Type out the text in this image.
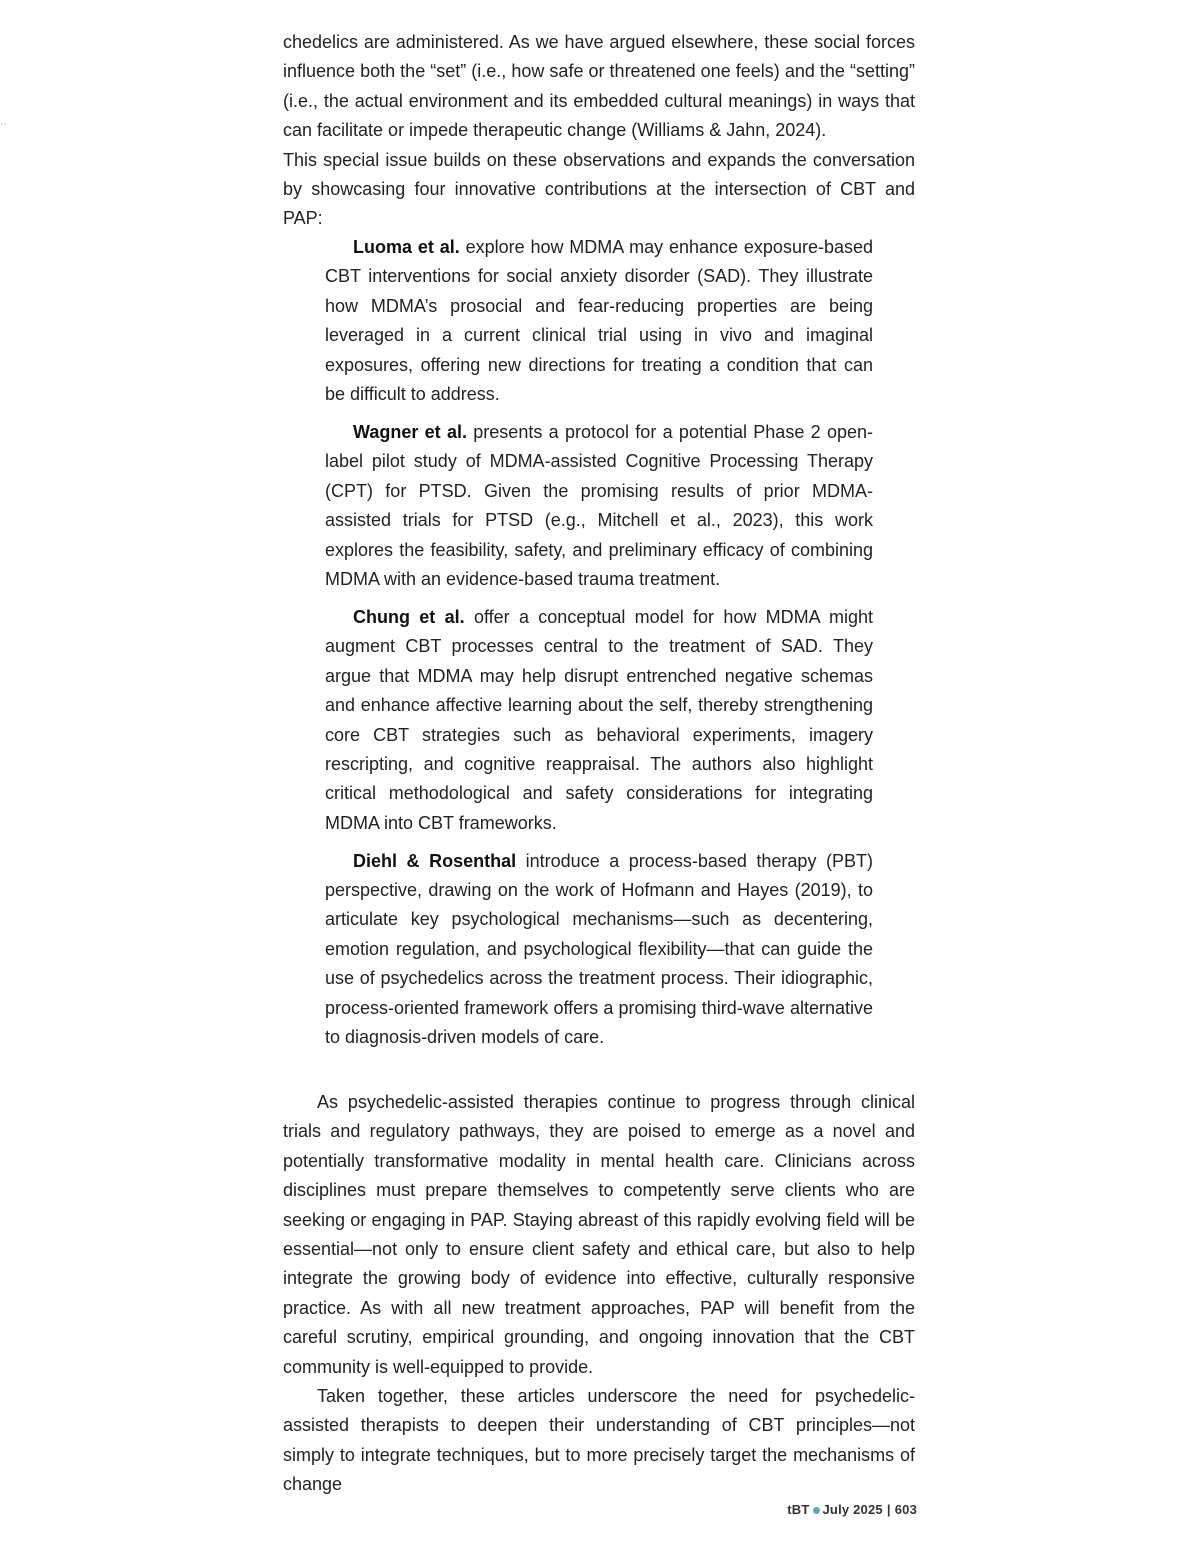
..

chedelics are administered. As we have argued elsewhere, these social forces influence both the “set” (i.e., how safe or threatened one feels) and the “setting” (i.e., the actual environment and its embedded cultural meanings) in ways that can facilitate or impede therapeutic change (Williams & Jahn, 2024).

This special issue builds on these observations and expands the conversation by showcasing four innovative contributions at the intersection of CBT and PAP:

Luoma et al. explore how MDMA may enhance exposure-based CBT interventions for social anxiety disorder (SAD). They illustrate how MDMA’s prosocial and fear-reducing properties are being leveraged in a current clinical trial using in vivo and imaginal exposures, offering new directions for treating a condition that can be difficult to address.

Wagner et al. presents a protocol for a potential Phase 2 open-label pilot study of MDMA-assisted Cognitive Processing Therapy (CPT) for PTSD. Given the promising results of prior MDMA-assisted trials for PTSD (e.g., Mitchell et al., 2023), this work explores the feasibility, safety, and preliminary efficacy of combining MDMA with an evidence-based trauma treatment.

Chung et al. offer a conceptual model for how MDMA might augment CBT processes central to the treatment of SAD. They argue that MDMA may help disrupt entrenched negative schemas and enhance affective learning about the self, thereby strengthening core CBT strategies such as behavioral experiments, imagery rescripting, and cognitive reappraisal. The authors also highlight critical methodological and safety considerations for integrating MDMA into CBT frameworks.

Diehl & Rosenthal introduce a process-based therapy (PBT) perspective, drawing on the work of Hofmann and Hayes (2019), to articulate key psychological mechanisms—such as decentering, emotion regulation, and psychological flexibility—that can guide the use of psychedelics across the treatment process. Their idiographic, process-oriented framework offers a promising third-wave alternative to diagnosis-driven models of care.

As psychedelic-assisted therapies continue to progress through clinical trials and regulatory pathways, they are poised to emerge as a novel and potentially transformative modality in mental health care. Clinicians across disciplines must prepare themselves to competently serve clients who are seeking or engaging in PAP. Staying abreast of this rapidly evolving field will be essential—not only to ensure client safety and ethical care, but also to help integrate the growing body of evidence into effective, culturally responsive practice. As with all new treatment approaches, PAP will benefit from the careful scrutiny, empirical grounding, and ongoing innovation that the CBT community is well-equipped to provide.

Taken together, these articles underscore the need for psychedelic-assisted therapists to deepen their understanding of CBT principles—not simply to integrate techniques, but to more precisely target the mechanisms of change

tBT July 2025 | 603
